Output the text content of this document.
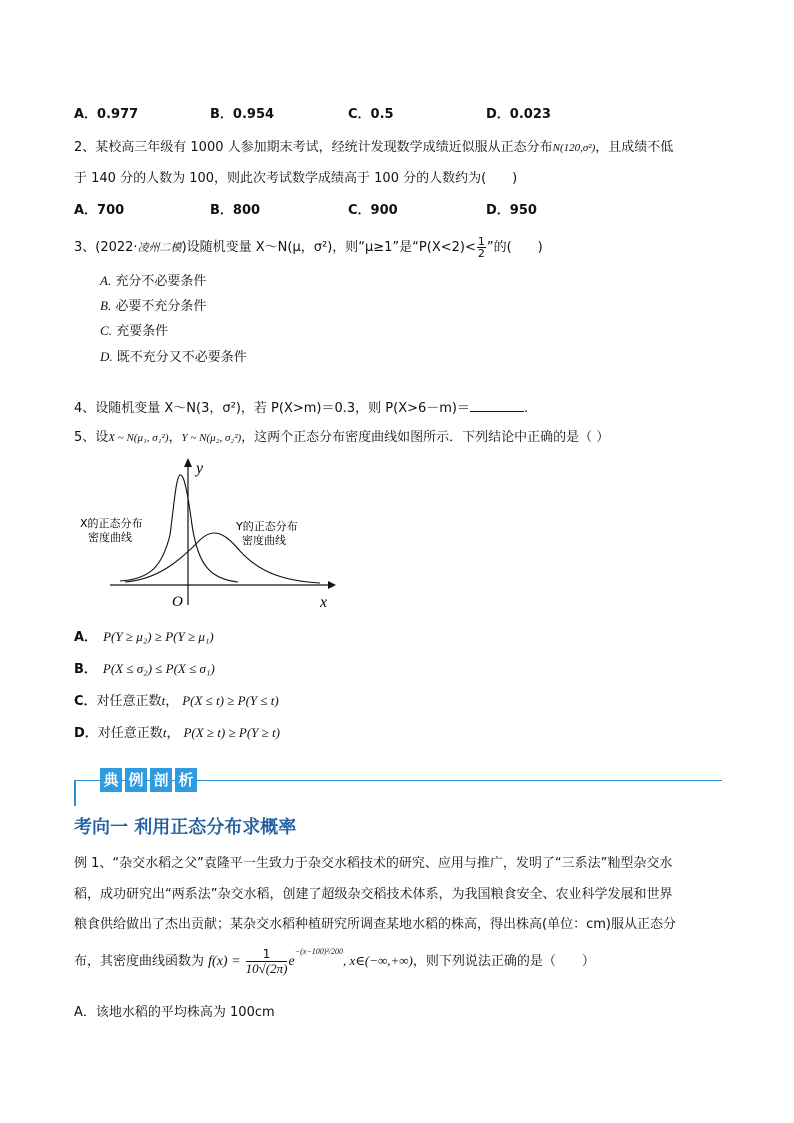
A．0.977	B．0.954	C．0.5	D．0.023
2、某校高三年级有 1000 人参加期末考试，经统计发现数学成绩近似服从正态分布N(120,σ²)，且成绩不低
于 140 分的人数为 100，则此次考试数学成绩高于 100 分的人数约为(　　)
A．700	B．800	C．900	D．950
3、(2022·凌州二模)设随机变量 X～N(μ，σ²)，则“μ≥1”是“$P(X<2)< \frac{1}{2}$ ”的(　　)
A. 充分不必要条件
B. 必要不充分条件
C. 充要条件
D. 既不充分又不必要条件
4、设随机变量 X～N(3，σ²)，若 P(X>m)＝0.3，则 P(X>6－m)＝	.
5、设X ~ N(μ₁, σ₁²)，Y ~ N(μ₂, σ₂²)，这两个正态分布密度曲线如图所示．下列结论中正确的是（ ）
X的正态分布
密度曲线
Y的正态分布
密度曲线
y
x
O
A． P(Y ≥ μ₂) ≥ P(Y ≥ μ₁)
B． P(X ≤ σ₂) ≤ P(X ≤ σ₁)
C．对任意正数t， P(X ≤ t) ≥ P(Y ≤ t)
D．对任意正数t， P(X ≥ t) ≥ P(Y ≥ t)
典 例 剖 析
考向一 利用正态分布求概率
例 1、“杂交水稻之父”袁隆平一生致力于杂交水稻技术的研究、应用与推广，发明了“三系法”籼型杂交水
稻，成功研究出“两系法”杂交水稻，创建了超级杂交稻技术体系，为我国粮食安全、农业科学发展和世界
粮食供给做出了杰出贡献；某杂交水稻种植研究所调查某地水稻的株高，得出株高(单位：cm)服从正态分
布，其密度曲线函数为 $f(x) = \frac{1}{10√(2\pi)} e^{-(x-100)^2/200}$, x∈(−∞,+∞)，则下列说法正确的是（　　）
A．该地水稻的平均株高为 100cm
